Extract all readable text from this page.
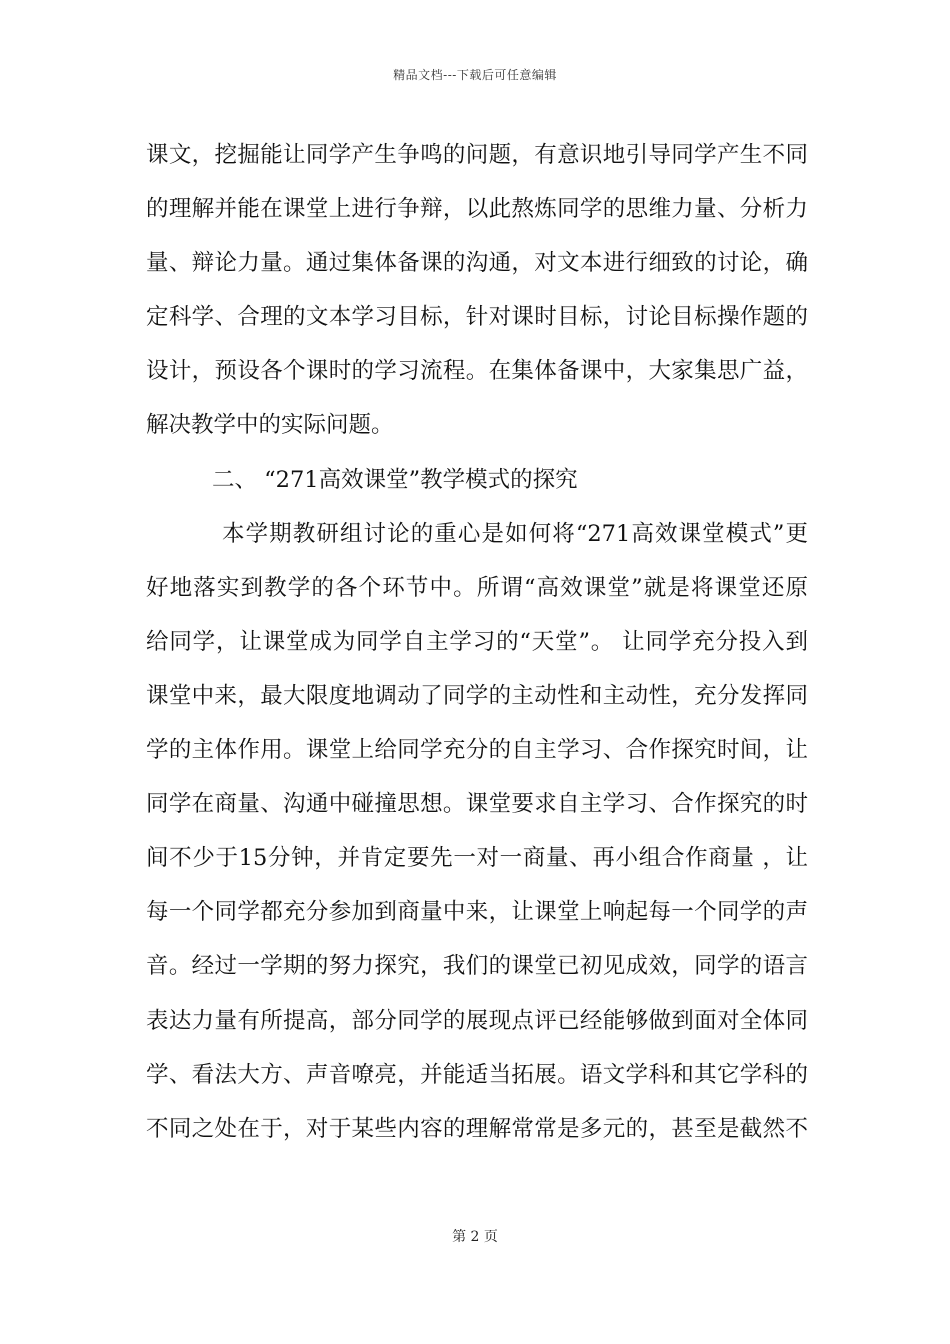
精品文档---下载后可任意编辑
课文，挖掘能让同学产生争鸣的问题，有意识地引导同学产生不同
的理解并能在课堂上进行争辩，以此熬炼同学的思维力量、分析力
量、辩论力量。通过集体备课的沟通，对文本进行细致的讨论，确
定科学、合理的文本学习目标，针对课时目标，讨论目标操作题的
设计，预设各个课时的学习流程。在集体备课中，大家集思广益，
解决教学中的实际问题。
二、 “271高效课堂”教学模式的探究
本学期教研组讨论的重心是如何将“271高效课堂模式”更
好地落实到教学的各个环节中。所谓“高效课堂”就是将课堂还原
给同学，让课堂成为同学自主学习的“天堂”。 让同学充分投入到
课堂中来，最大限度地调动了同学的主动性和主动性，充分发挥同
学的主体作用。课堂上给同学充分的自主学习、合作探究时间，让
同学在商量、沟通中碰撞思想。课堂要求自主学习、合作探究的时
间不少于15分钟，并肯定要先一对一商量、再小组合作商量 ，让
每一个同学都充分参加到商量中来，让课堂上响起每一个同学的声
音。经过一学期的努力探究，我们的课堂已初见成效，同学的语言
表达力量有所提高，部分同学的展现点评已经能够做到面对全体同
学、看法大方、声音嘹亮，并能适当拓展。语文学科和其它学科的
不同之处在于，对于某些内容的理解常常是多元的，甚至是截然不
第 2 页
